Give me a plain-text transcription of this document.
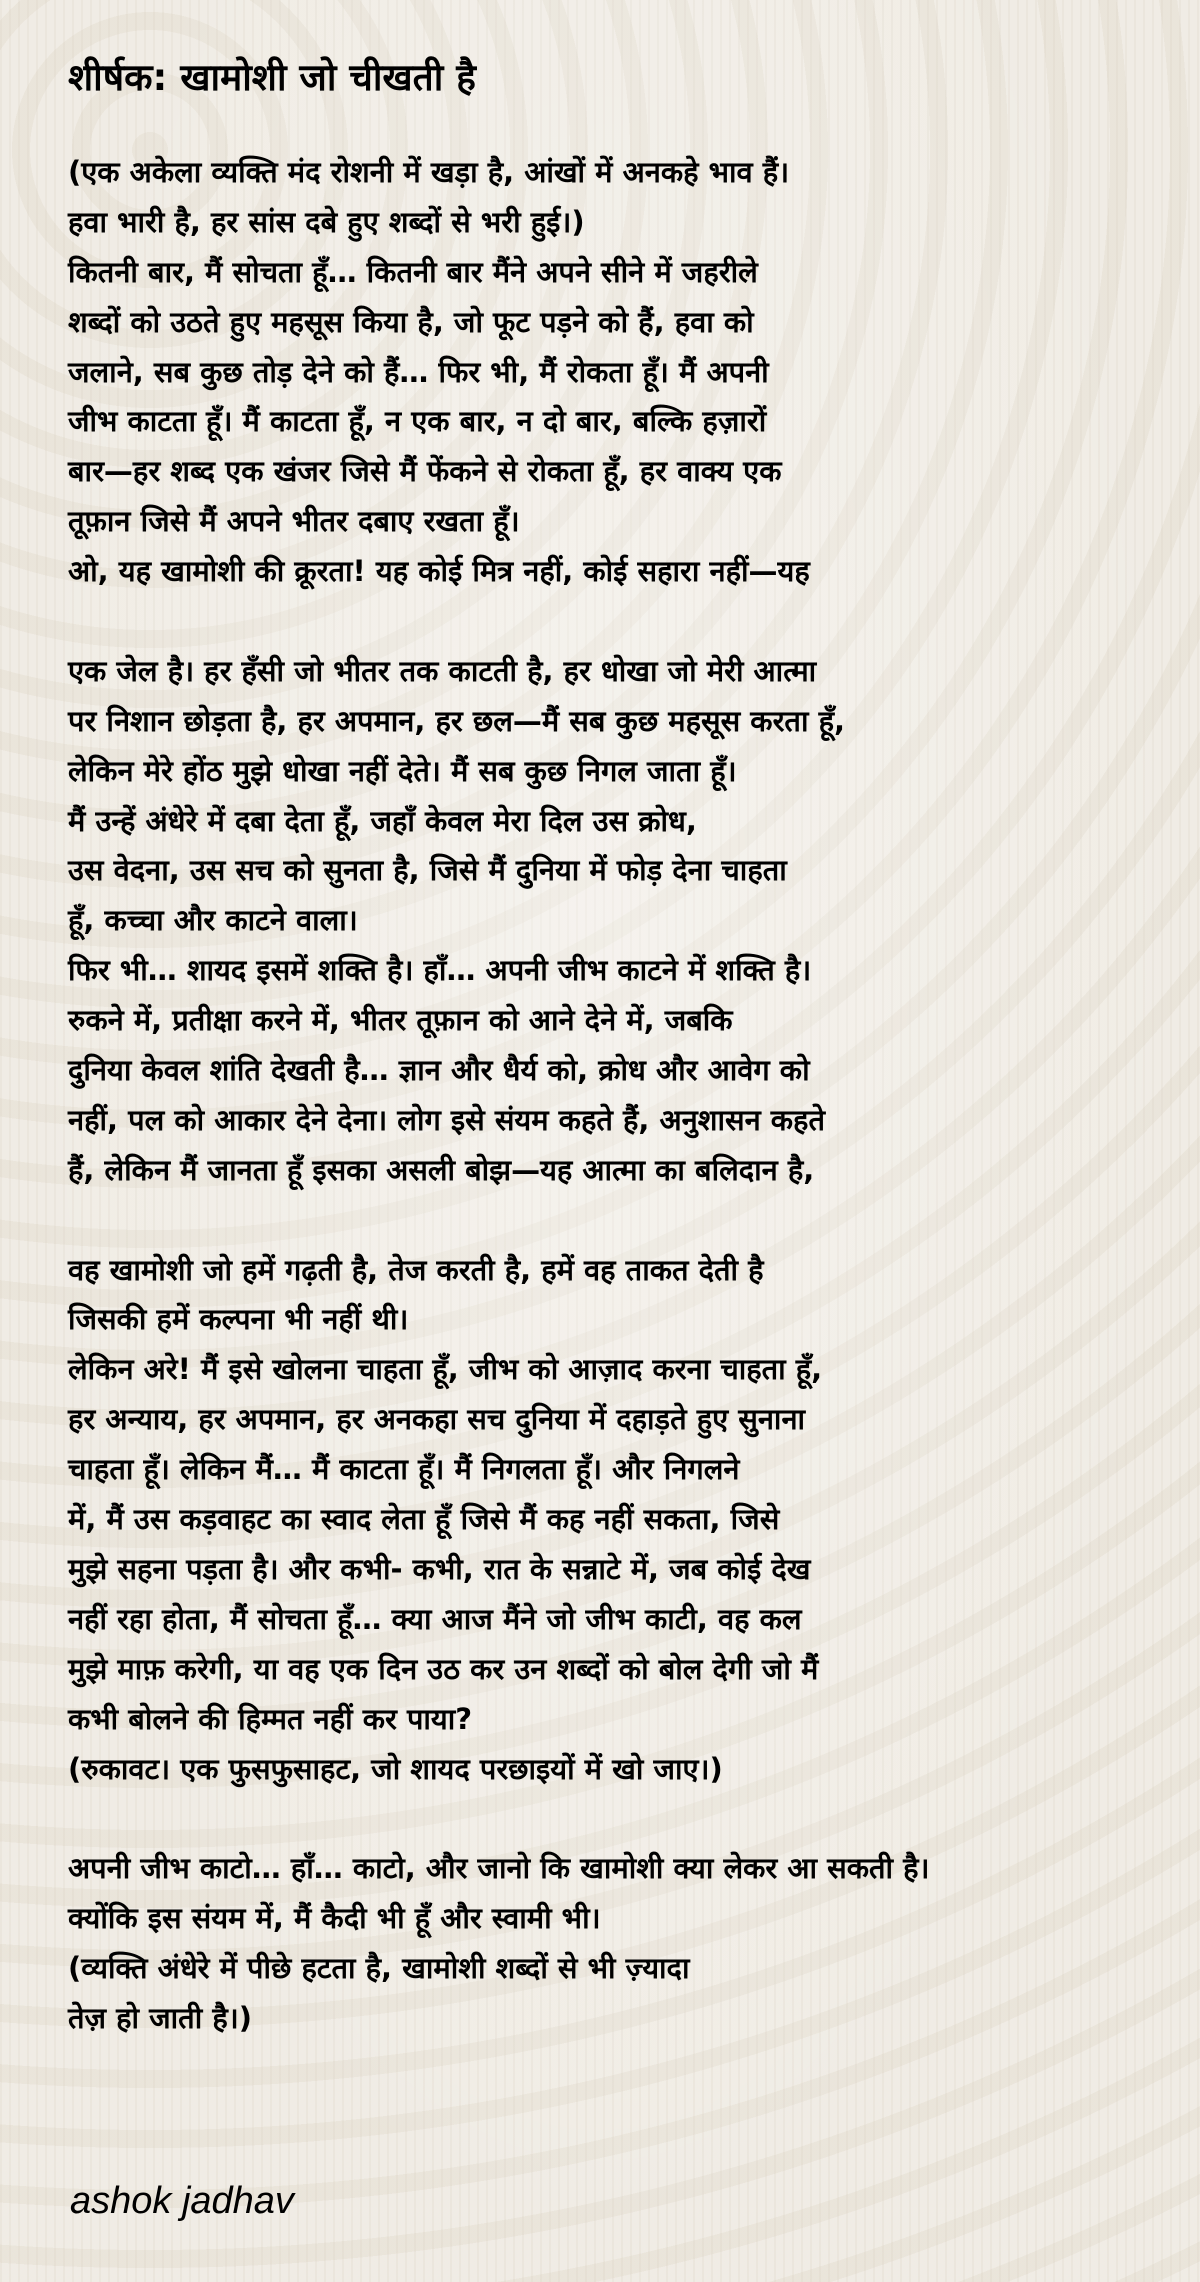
शीर्षक: खामोशी जो चीखती है
(एक अकेला व्यक्ति मंद रोशनी में खड़ा है, आंखों में अनकहे भाव हैं।
हवा भारी है, हर सांस दबे हुए शब्दों से भरी हुई।)
कितनी बार, मैं सोचता हूँ… कितनी बार मैंने अपने सीने में जहरीले
शब्दों को उठते हुए महसूस किया है, जो फूट पड़ने को हैं, हवा को
जलाने, सब कुछ तोड़ देने को हैं… फिर भी, मैं रोकता हूँ। मैं अपनी
जीभ काटता हूँ। मैं काटता हूँ, न एक बार, न दो बार, बल्कि हज़ारों
बार—हर शब्द एक खंजर जिसे मैं फेंकने से रोकता हूँ, हर वाक्य एक
तूफ़ान जिसे मैं अपने भीतर दबाए रखता हूँ।
ओ, यह खामोशी की क्रूरता! यह कोई मित्र नहीं, कोई सहारा नहीं—यह
एक जेल है। हर हँसी जो भीतर तक काटती है, हर धोखा जो मेरी आत्मा
पर निशान छोड़ता है, हर अपमान, हर छल—मैं सब कुछ महसूस करता हूँ,
लेकिन मेरे होंठ मुझे धोखा नहीं देते। मैं सब कुछ निगल जाता हूँ।
मैं उन्हें अंधेरे में दबा देता हूँ, जहाँ केवल मेरा दिल उस क्रोध,
उस वेदना, उस सच को सुनता है, जिसे मैं दुनिया में फोड़ देना चाहता
हूँ, कच्चा और काटने वाला।
फिर भी… शायद इसमें शक्ति है। हाँ… अपनी जीभ काटने में शक्ति है।
रुकने में, प्रतीक्षा करने में, भीतर तूफ़ान को आने देने में, जबकि
दुनिया केवल शांति देखती है… ज्ञान और धैर्य को, क्रोध और आवेग को
नहीं, पल को आकार देने देना। लोग इसे संयम कहते हैं, अनुशासन कहते
हैं, लेकिन मैं जानता हूँ इसका असली बोझ—यह आत्मा का बलिदान है,
वह खामोशी जो हमें गढ़ती है, तेज करती है, हमें वह ताकत देती है
जिसकी हमें कल्पना भी नहीं थी।
लेकिन अरे! मैं इसे खोलना चाहता हूँ, जीभ को आज़ाद करना चाहता हूँ,
हर अन्याय, हर अपमान, हर अनकहा सच दुनिया में दहाड़ते हुए सुनाना
चाहता हूँ। लेकिन मैं… मैं काटता हूँ। मैं निगलता हूँ। और निगलने
में, मैं उस कड़वाहट का स्वाद लेता हूँ जिसे मैं कह नहीं सकता, जिसे
मुझे सहना पड़ता है। और कभी- कभी, रात के सन्नाटे में, जब कोई देख
नहीं रहा होता, मैं सोचता हूँ… क्या आज मैंने जो जीभ काटी, वह कल
मुझे माफ़ करेगी, या वह एक दिन उठ कर उन शब्दों को बोल देगी जो मैं
कभी बोलने की हिम्मत नहीं कर पाया?
(रुकावट। एक फुसफुसाहट, जो शायद परछाइयों में खो जाए।)
अपनी जीभ काटो… हाँ… काटो, और जानो कि खामोशी क्या लेकर आ सकती है।
क्योंकि इस संयम में, मैं कैदी भी हूँ और स्वामी भी।
(व्यक्ति अंधेरे में पीछे हटता है, खामोशी शब्दों से भी ज़्यादा
तेज़ हो जाती है।)
ashok jadhav
